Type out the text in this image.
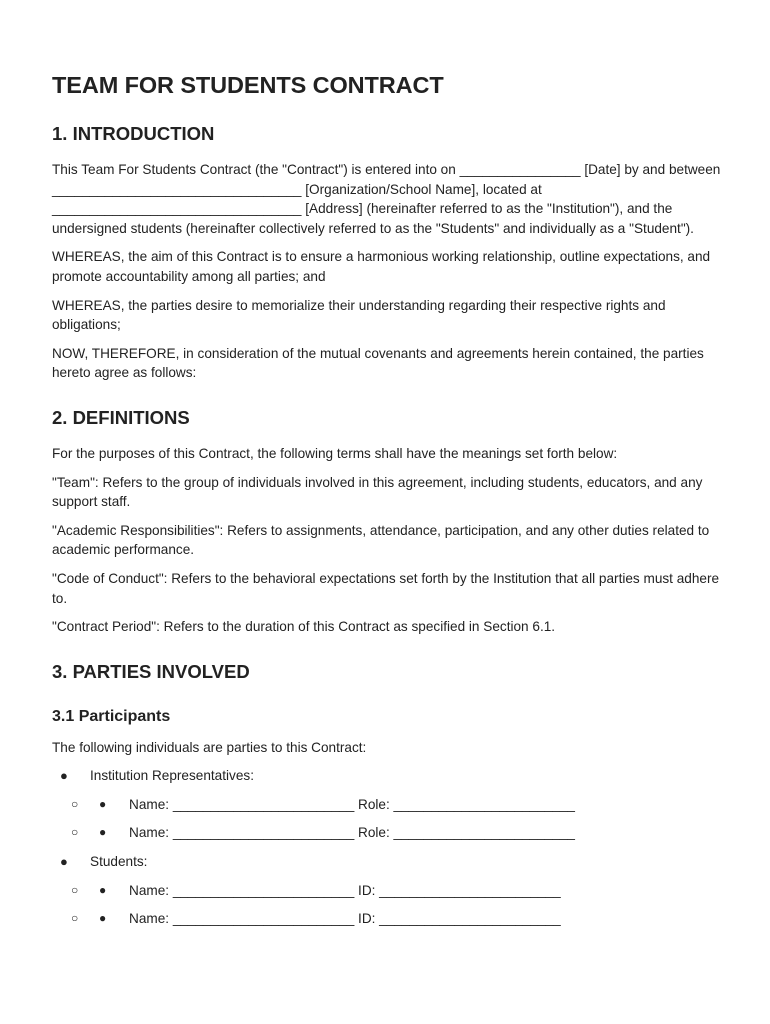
TEAM FOR STUDENTS CONTRACT
1. INTRODUCTION

This Team For Students Contract (the "Contract") is entered into on ________________ [Date] by and between _________________________________ [Organization/School Name], located at _________________________________ [Address] (hereinafter referred to as the "Institution"), and the undersigned students (hereinafter collectively referred to as the "Students" and individually as a "Student").

WHEREAS, the aim of this Contract is to ensure a harmonious working relationship, outline expectations, and promote accountability among all parties; and

WHEREAS, the parties desire to memorialize their understanding regarding their respective rights and obligations;

NOW, THEREFORE, in consideration of the mutual covenants and agreements herein contained, the parties hereto agree as follows:

2. DEFINITIONS

For the purposes of this Contract, the following terms shall have the meanings set forth below:

"Team": Refers to the group of individuals involved in this agreement, including students, educators, and any support staff.

"Academic Responsibilities": Refers to assignments, attendance, participation, and any other duties related to academic performance.

"Code of Conduct": Refers to the behavioral expectations set forth by the Institution that all parties must adhere to.

"Contract Period": Refers to the duration of this Contract as specified in Section 6.1.

3. PARTIES INVOLVED
3.1 Participants

The following individuals are parties to this Contract:

● Institution Representatives:
○ ● Name: ________________________ Role: ________________________
○ ● Name: ________________________ Role: ________________________
● Students:
○ ● Name: ________________________ ID: ________________________
○ ● Name: ________________________ ID: ________________________
